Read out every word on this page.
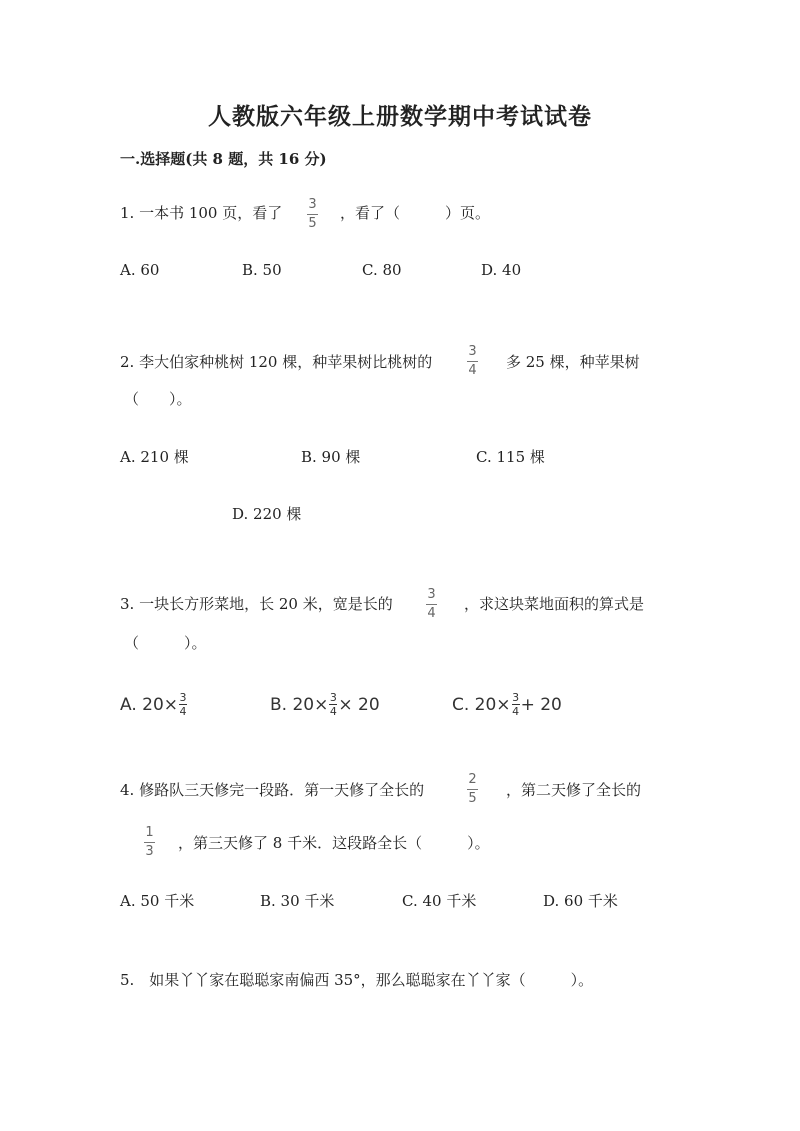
人教版六年级上册数学期中考试试卷
一.选择题(共 8 题，共 16 分)
1. 一本书 100 页，看了 3
5
，看了（　　　）页。
A. 60	B. 50	C. 80	D. 40
2. 李大伯家种桃树 120 棵，种苹果树比桃树的
3
4 多 25 棵，种苹果树
（　　）。
A. 210 棵	B. 90 棵	C. 115 棵
D. 220 棵
3. 一块长方形菜地，长 20 米，宽是长的
3
4
，求这块菜地面积的算式是
（　　　）。
A. 20× 3
4	B. 20× 3
4 × 20	C. 20× 3
4 + 20
4. 修路队三天修完一段路．第一天修了全长的
2
5 ，第二天修了全长的
1
3 ，第三天修了 8 千米．这段路全长（　　　）。
A. 50 千米	B. 30 千米	C. 40 千米	D. 60 千米
5.　如果丫丫家在聪聪家南偏西 35°，那么聪聪家在丫丫家（　　　）。
